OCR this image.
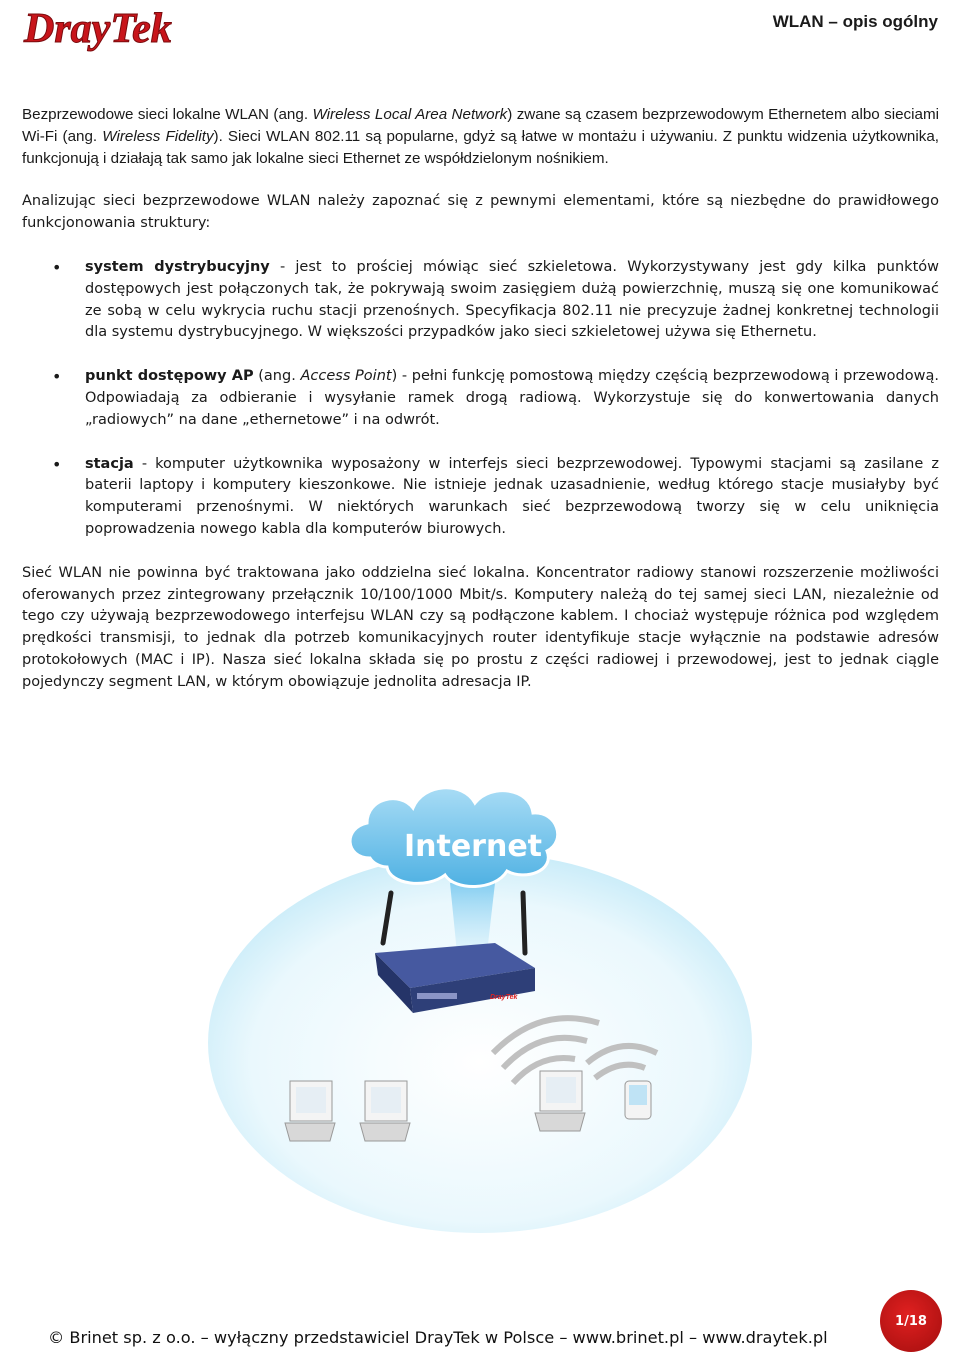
DrayTek	WLAN – opis ogólny

Bezprzewodowe sieci lokalne WLAN (ang. Wireless Local Area Network) zwane są czasem bezprzewodowym Ethernetem albo sieciami Wi-Fi (ang. Wireless Fidelity). Sieci WLAN 802.11 są popularne, gdyż są łatwe w montażu i używaniu. Z punktu widzenia użytkownika, funkcjonują i działają tak samo jak lokalne sieci Ethernet ze współdzielonym nośnikiem.

Analizując sieci bezprzewodowe WLAN należy zapoznać się z pewnymi elementami, które są niezbędne do prawidłowego funkcjonowania struktury:

• system dystrybucyjny - jest to prościej mówiąc sieć szkieletowa. Wykorzystywany jest gdy kilka punktów dostępowych jest połączonych tak, że pokrywają swoim zasięgiem dużą powierzchnię, muszą się one komunikować ze sobą w celu wykrycia ruchu stacji przenośnych. Specyfikacja 802.11 nie precyzuje żadnej konkretnej technologii dla systemu dystrybucyjnego. W większości przypadków jako sieci szkieletowej używa się Ethernetu.
• punkt dostępowy AP (ang. Access Point) - pełni funkcję pomostową między częścią bezprzewodową i przewodową. Odpowiadają za odbieranie i wysyłanie ramek drogą radiową. Wykorzystuje się do konwertowania danych „radiowych” na dane „ethernetowe” i na odwrót.
• stacja - komputer użytkownika wyposażony w interfejs sieci bezprzewodowej. Typowymi stacjami są zasilane z baterii laptopy i komputery kieszonkowe. Nie istnieje jednak uzasadnienie, według którego stacje musiałyby być komputerami przenośnymi. W niektórych warunkach sieć bezprzewodową tworzy się w celu uniknięcia poprowadzenia nowego kabla dla komputerów biurowych.

Sieć WLAN nie powinna być traktowana jako oddzielna sieć lokalna. Koncentrator radiowy stanowi rozszerzenie możliwości oferowanych przez zintegrowany przełącznik 10/100/1000 Mbit/s. Komputery należą do tej samej sieci LAN, niezależnie od tego czy używają bezprzewodowego interfejsu WLAN czy są podłączone kablem. I chociaż występuje różnica pod względem prędkości transmisji, to jednak dla potrzeb komunikacyjnych router identyfikuje stacje wyłącznie na podstawie adresów protokołowych (MAC i IP). Nasza sieć lokalna składa się po prostu z części radiowej i przewodowej, jest to jednak ciągle pojedynczy segment LAN, w którym obowiązuje jednolita adresacja IP.

Internet
DrayTek
© Brinet sp. z o.o. – wyłączny przedstawiciel DrayTek w Polsce – www.brinet.pl – www.draytek.pl
1/18
